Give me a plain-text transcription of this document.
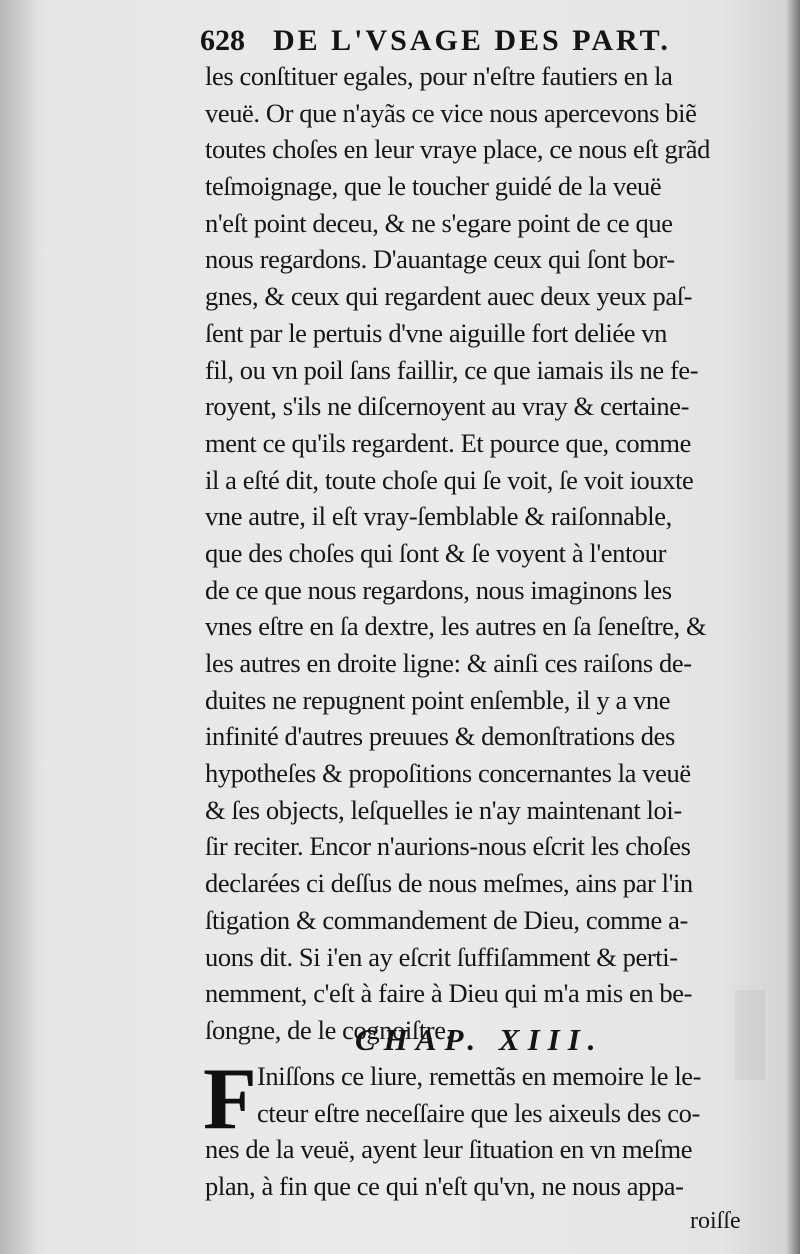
628 DE L'VSAGE DES PART.
les conſtituer egales, pour n'eſtre fautiers en la
veuë. Or que n'ayãs ce vice nous apercevons biẽ
toutes choſes en leur vraye place, ce nous eſt grãd
teſmoignage, que le toucher guidé de la veuë
n'eſt point deceu, & ne s'egare point de ce que
nous regardons. D'auantage ceux qui ſont bor-
gnes, & ceux qui regardent auec deux yeux paſ-
ſent par le pertuis d'vne aiguille fort deliée vn
fil, ou vn poil ſans faillir, ce que iamais ils ne fe-
royent, s'ils ne diſcernoyent au vray & certaine-
ment ce qu'ils regardent. Et pource que, comme
il a eſté dit, toute choſe qui ſe voit, ſe voit iouxte
vne autre, il eſt vray-ſemblable & raiſonnable,
que des choſes qui ſont & ſe voyent à l'entour
de ce que nous regardons, nous imaginons les
vnes eſtre en ſa dextre, les autres en ſa ſeneſtre, &
les autres en droite ligne: & ainſi ces raiſons de-
duites ne repugnent point enſemble, il y a vne
infinité d'autres preuues & demonſtrations des
hypotheſes & propoſitions concernantes la veuë
& ſes objects, leſquelles ie n'ay maintenant loi-
ſir reciter. Encor n'aurions-nous eſcrit les choſes
declarées ci deſſus de nous meſmes, ains par l'in
ſtigation & commandement de Dieu, comme a-
uons dit. Si i'en ay eſcrit ſuffiſamment & perti-
nemment, c'eſt à faire à Dieu qui m'a mis en be-
ſongne, de le cognoiſtre.
CHAP. XIII.
F Iniſſons ce liure, remettãs en memoire le le-
cteur eſtre neceſſaire que les aixeuls des co-
nes de la veuë, ayent leur ſituation en vn meſme
plan, à fin que ce qui n'eſt qu'vn, ne nous appa-
roiſſe
